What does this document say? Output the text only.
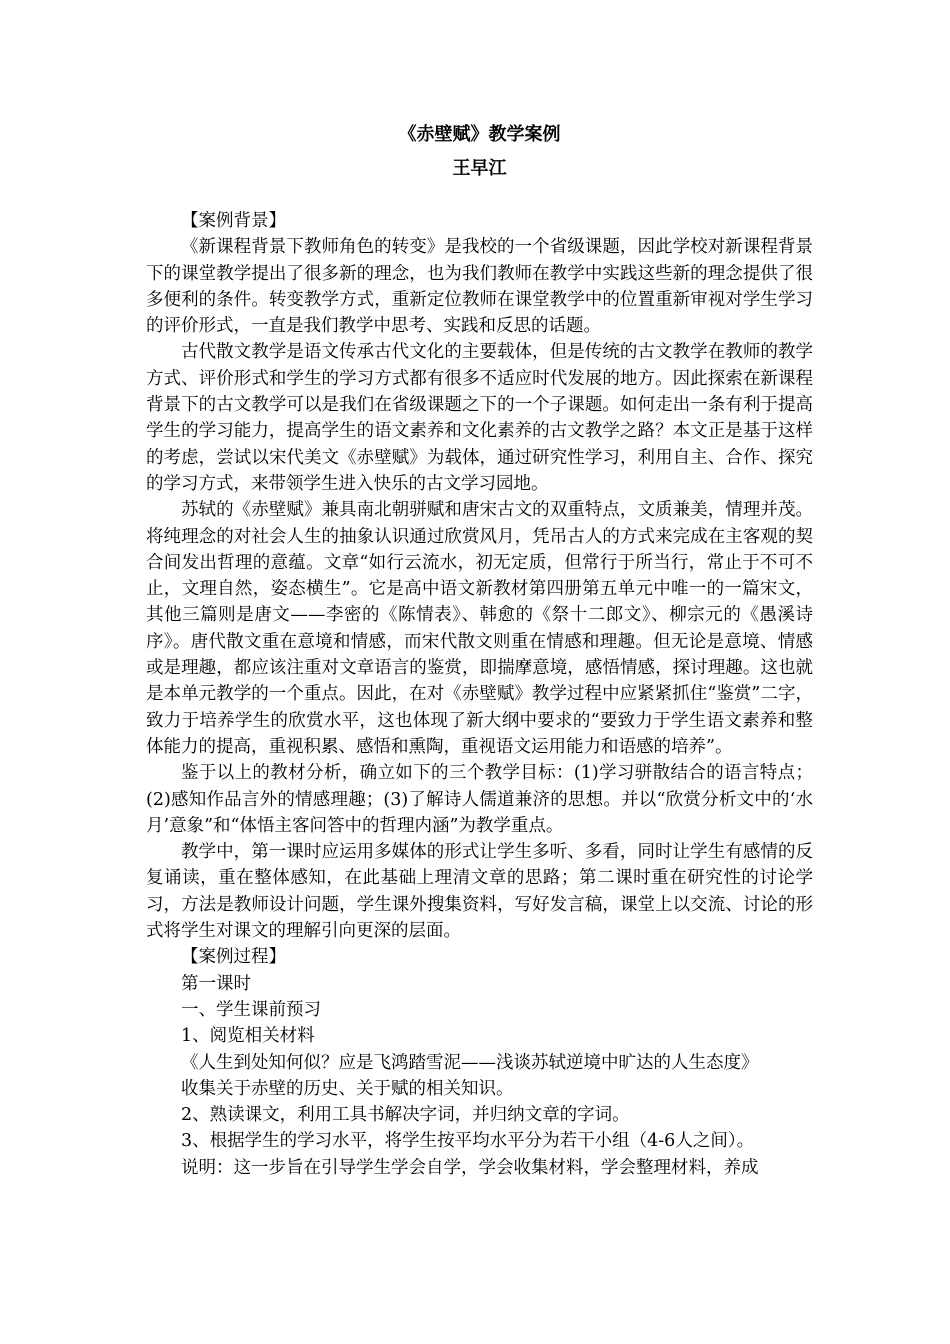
《赤壁赋》教学案例

王早江

【案例背景】

《新课程背景下教师角色的转变》是我校的一个省级课题，因此学校对新课程背景下的课堂教学提出了很多新的理念，也为我们教师在教学中实践这些新的理念提供了很多便利的条件。转变教学方式，重新定位教师在课堂教学中的位置重新审视对学生学习的评价形式，一直是我们教学中思考、实践和反思的话题。

古代散文教学是语文传承古代文化的主要载体，但是传统的古文教学在教师的教学方式、评价形式和学生的学习方式都有很多不适应时代发展的地方。因此探索在新课程背景下的古文教学可以是我们在省级课题之下的一个子课题。如何走出一条有利于提高学生的学习能力，提高学生的语文素养和文化素养的古文教学之路？本文正是基于这样的考虑，尝试以宋代美文《赤壁赋》为载体，通过研究性学习，利用自主、合作、探究的学习方式，来带领学生进入快乐的古文学习园地。

苏轼的《赤壁赋》兼具南北朝骈赋和唐宋古文的双重特点，文质兼美，情理并茂。将纯理念的对社会人生的抽象认识通过欣赏风月，凭吊古人的方式来完成在主客观的契合间发出哲理的意蕴。文章“如行云流水，初无定质，但常行于所当行，常止于不可不止，文理自然，姿态横生”。它是高中语文新教材第四册第五单元中唯一的一篇宋文，其他三篇则是唐文——李密的《陈情表》、韩愈的《祭十二郎文》、柳宗元的《愚溪诗序》。唐代散文重在意境和情感，而宋代散文则重在情感和理趣。但无论是意境、情感或是理趣，都应该注重对文章语言的鉴赏，即揣摩意境，感悟情感，探讨理趣。这也就是本单元教学的一个重点。因此，在对《赤壁赋》教学过程中应紧紧抓住“鉴赏”二字，致力于培养学生的欣赏水平，这也体现了新大纲中要求的“要致力于学生语文素养和整体能力的提高，重视积累、感悟和熏陶，重视语文运用能力和语感的培养”。

鉴于以上的教材分析，确立如下的三个教学目标：(1)学习骈散结合的语言特点；(2)感知作品言外的情感理趣；(3)了解诗人儒道兼济的思想。并以“欣赏分析文中的‘水月’意象”和“体悟主客问答中的哲理内涵”为教学重点。

教学中，第一课时应运用多媒体的形式让学生多听、多看，同时让学生有感情的反复诵读，重在整体感知，在此基础上理清文章的思路；第二课时重在研究性的讨论学习，方法是教师设计问题，学生课外搜集资料，写好发言稿，课堂上以交流、讨论的形式将学生对课文的理解引向更深的层面。

【案例过程】

第一课时

一、学生课前预习

1、阅览相关材料

《人生到处知何似？应是飞鸿踏雪泥——浅谈苏轼逆境中旷达的人生态度》

收集关于赤壁的历史、关于赋的相关知识。

2、熟读课文，利用工具书解决字词，并归纳文章的字词。

3、根据学生的学习水平，将学生按平均水平分为若干小组（4-6人之间）。

说明：这一步旨在引导学生学会自学，学会收集材料，学会整理材料，养成
